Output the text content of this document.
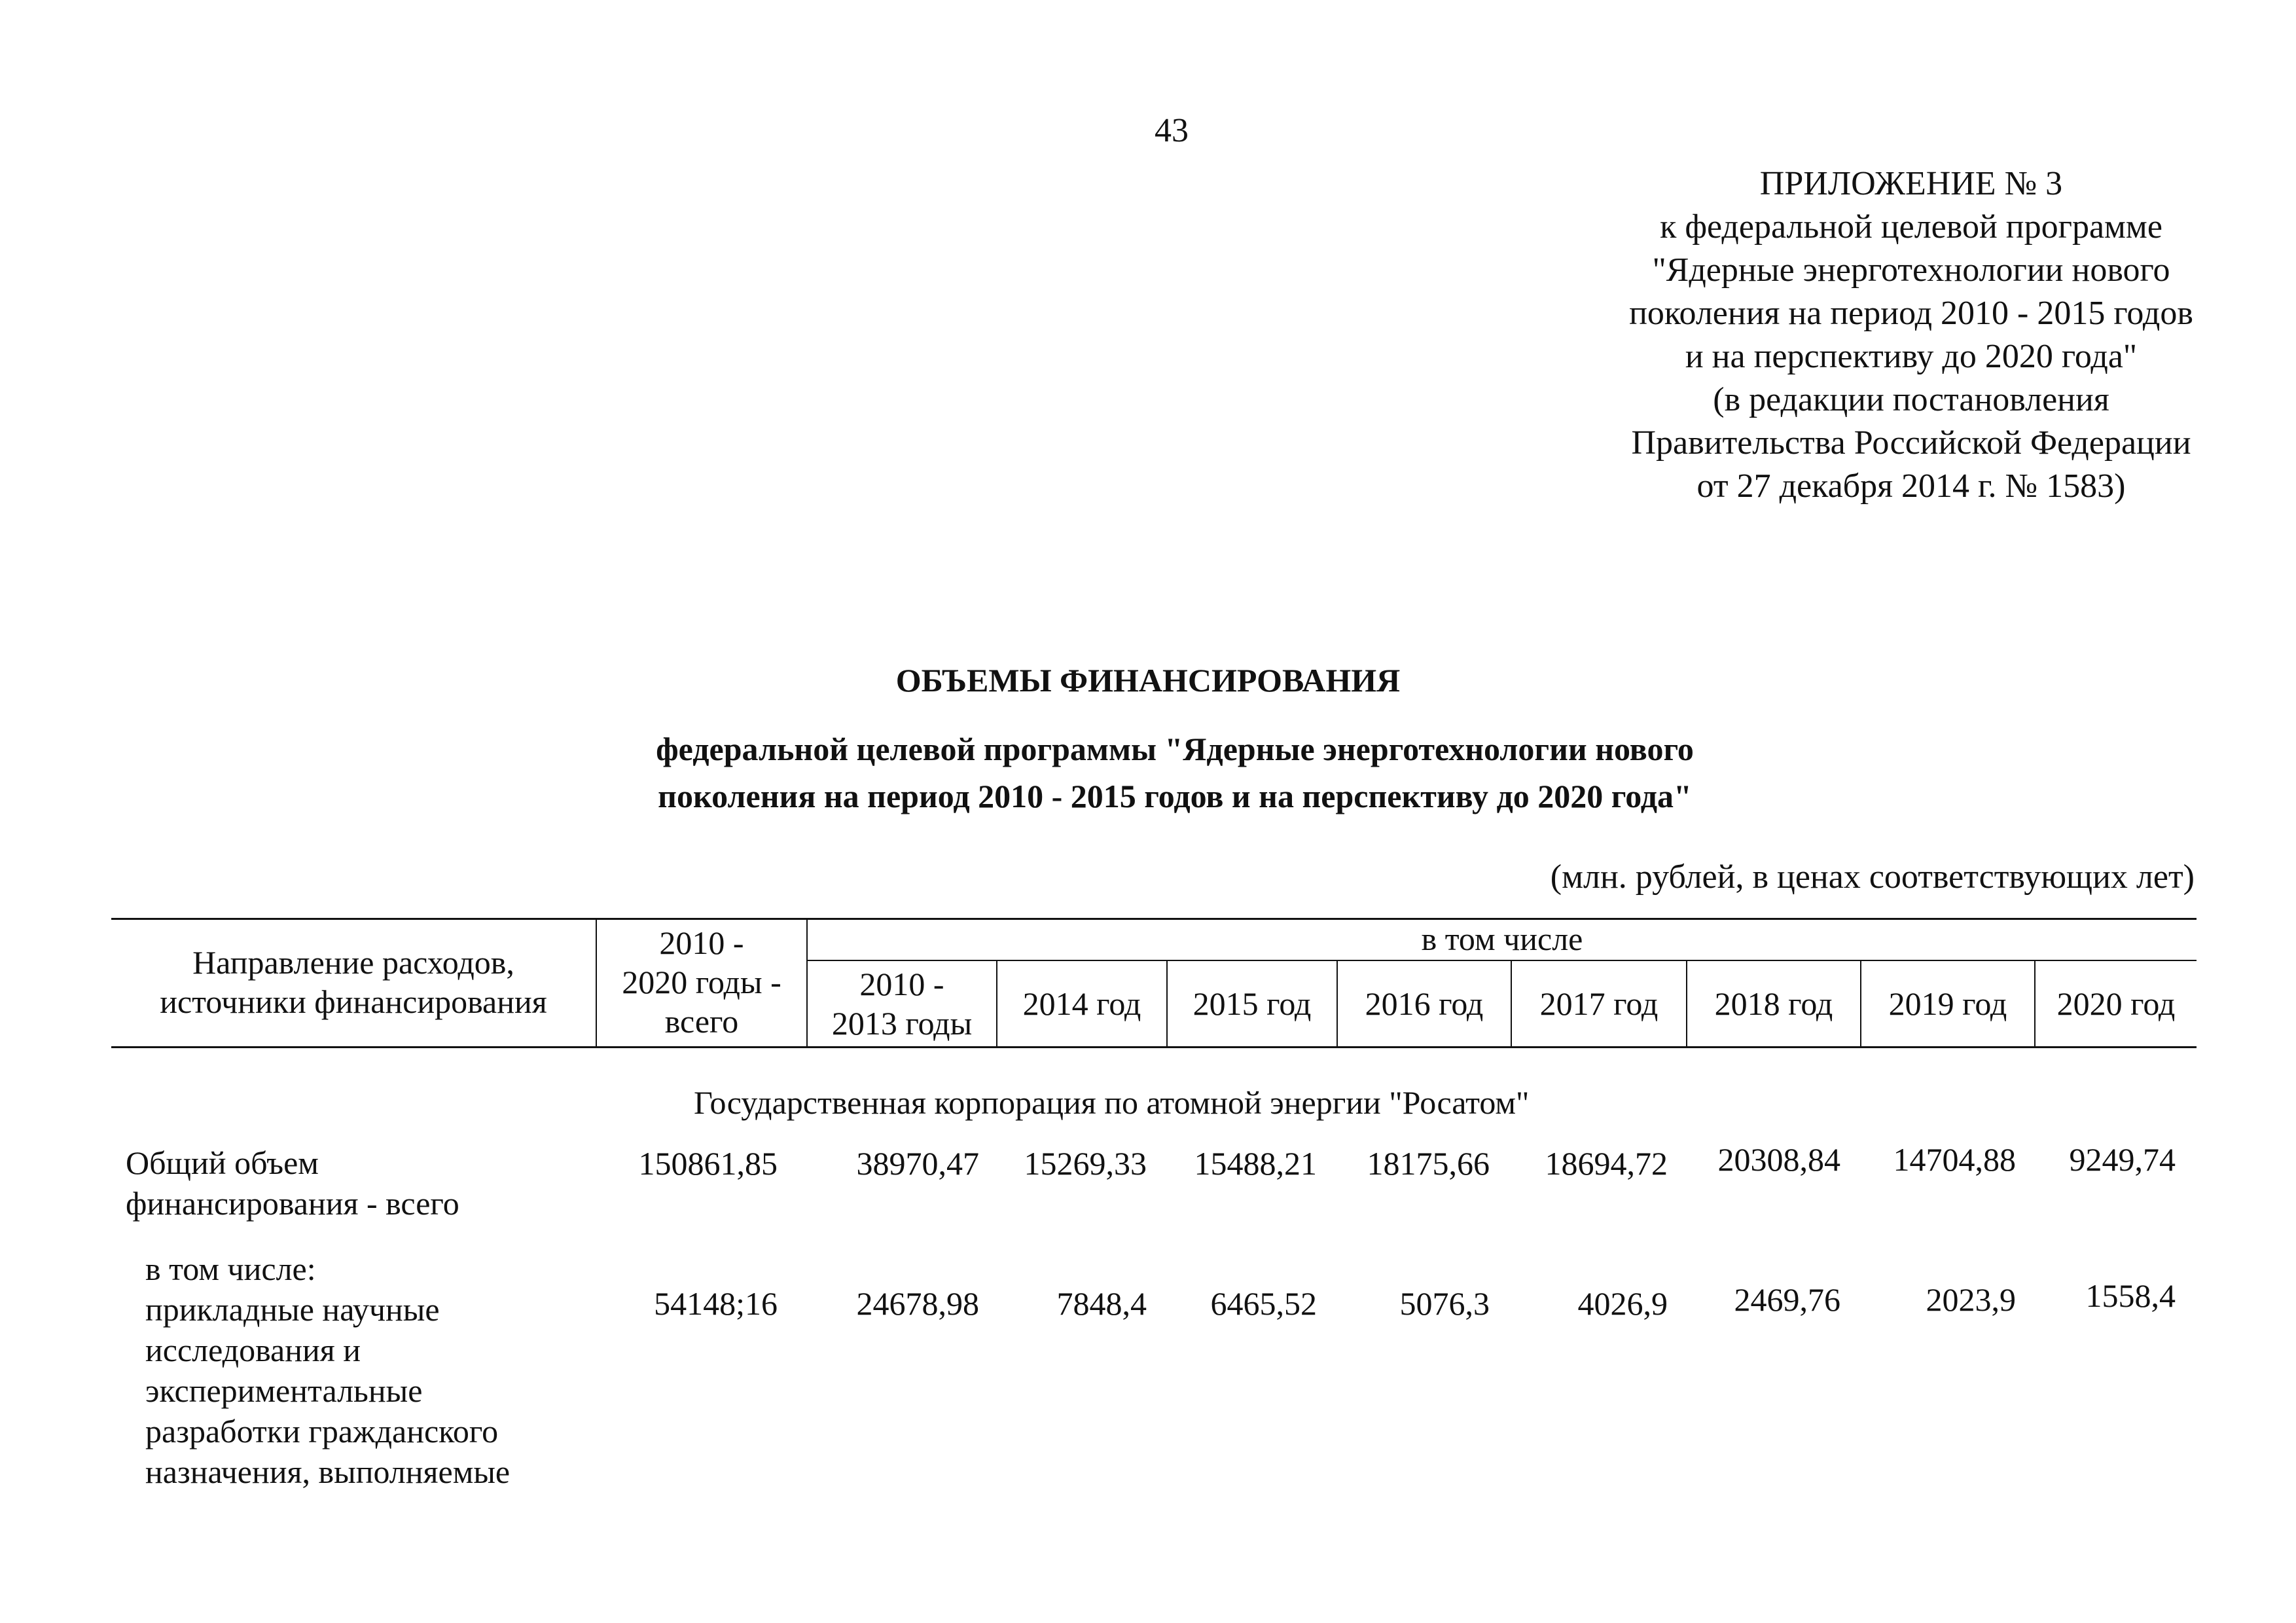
43
ПРИЛОЖЕНИЕ № 3
к федеральной целевой программе
"Ядерные энерготехнологии нового
поколения на период 2010 - 2015 годов
и на перспективу до 2020 года"
(в редакции постановления
Правительства Российской Федерации
от 27 декабря 2014 г. № 1583)
ОБЪЕМЫ ФИНАНСИРОВАНИЯ
федеральной целевой программы "Ядерные энерготехнологии нового
поколения на период 2010 - 2015 годов и на перспективу до 2020 года"
(млн. рублей, в ценах соответствующих лет)
Направление расходов,
источники финансирования
2010 -
2020 годы -
всего
в том числе
2010 -
2013 годы
2014 год 2015 год 2016 год 2017 год 2018 год 2019 год 2020 год
Государственная корпорация по атомной энергии "Росатом"
Общий объем
финансирования - всего
150861,85 38970,47 15269,33 15488,21 18175,66 18694,72 20308,84 14704,88 9249,74
в том числе:
прикладные научные
исследования и
экспериментальные
разработки гражданского
назначения, выполняемые
54148;16 24678,98 7848,4 6465,52	5076,3	4026,9 2469,76	2023,9 1558,4
